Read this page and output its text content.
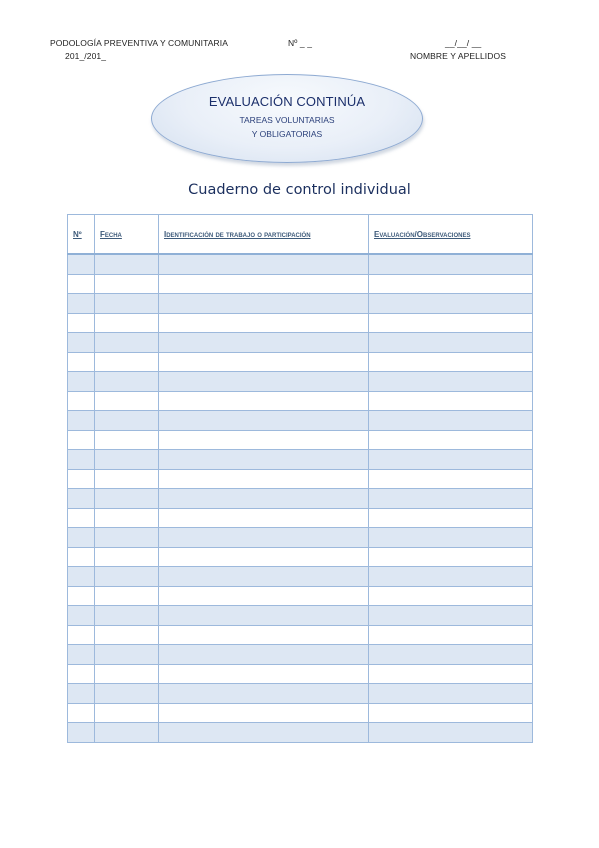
PODOLOGÍA PREVENTIVA Y COMUNITARIA
201_/201_
Nº _ _	__/__/ __
NOMBRE Y APELLIDOS
EVALUACIÓN CONTINÚA
TAREAS VOLUNTARIAS
Y OBLIGATORIAS
Cuaderno de control individual
Nº	Fecha	Identificación de trabajo o participación	Evaluación/Observaciones
